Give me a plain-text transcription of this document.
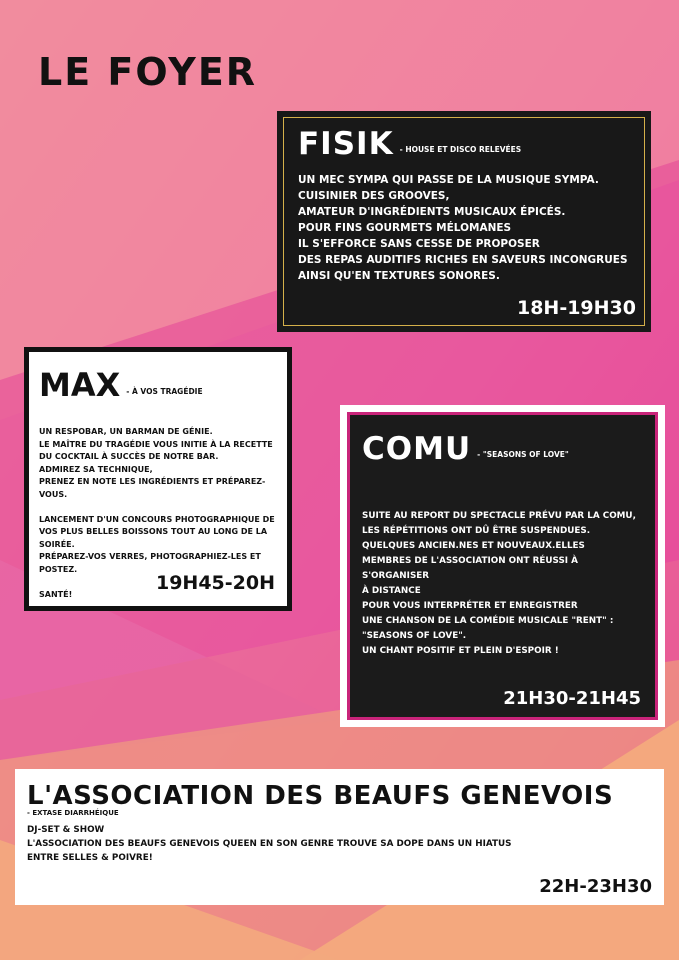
LE FOYER
FISIK - HOUSE ET DISCO RELEVÉES

UN MEC SYMPA QUI PASSE DE LA MUSIQUE SYMPA.
CUISINIER DES GROOVES,
AMATEUR D'INGRÉDIENTS MUSICAUX ÉPICÉS.
POUR FINS GOURMETS MÉLOMANES
IL S'EFFORCE SANS CESSE DE PROPOSER
DES REPAS AUDITIFS RICHES EN SAVEURS INCONGRUES
AINSI QU'EN TEXTURES SONORES.

18H-19H30
MAX - À VOS TRAGÉDIE

UN RESPOBAR, UN BARMAN DE GÉNIE.
LE MAÎTRE DU TRAGÉDIE VOUS INITIE À LA RECETTE
DU COCKTAIL À SUCCÈS DE NOTRE BAR.
ADMIREZ SA TECHNIQUE,
PRENEZ EN NOTE LES INGRÉDIENTS ET PRÉPAREZ-VOUS.
LANCEMENT D'UN CONCOURS PHOTOGRAPHIQUE DE
VOS PLUS BELLES BOISSONS TOUT AU LONG DE LA SOIRÉE.
PRÉPAREZ-VOS VERRES, PHOTOGRAPHIEZ-LES ET POSTEZ.
SANTÉ!	19H45-20H
COMU - "SEASONS OF LOVE"

SUITE AU REPORT DU SPECTACLE PRÉVU PAR LA COMU,
LES RÉPÉTITIONS ONT DÛ ÊTRE SUSPENDUES.
QUELQUES ANCIEN.NES ET NOUVEAUX.ELLES
MEMBRES DE L'ASSOCIATION ONT RÉUSSI À S'ORGANISER
À DISTANCE
POUR VOUS INTERPRÉTER ET ENREGISTRER
UNE CHANSON DE LA COMÉDIE MUSICALE "RENT" :
"SEASONS OF LOVE".
UN CHANT POSITIF ET PLEIN D'ESPOIR !

21H30-21H45
L'ASSOCIATION DES BEAUFS GENEVOIS
- EXTASE DIARRHÉIQUE

DJ-SET & SHOW
L'ASSOCIATION DES BEAUFS GENEVOIS QUEEN EN SON GENRE TROUVE SA DOPE DANS UN HIATUS
ENTRE SELLES & POIVRE!

22H-23H30
